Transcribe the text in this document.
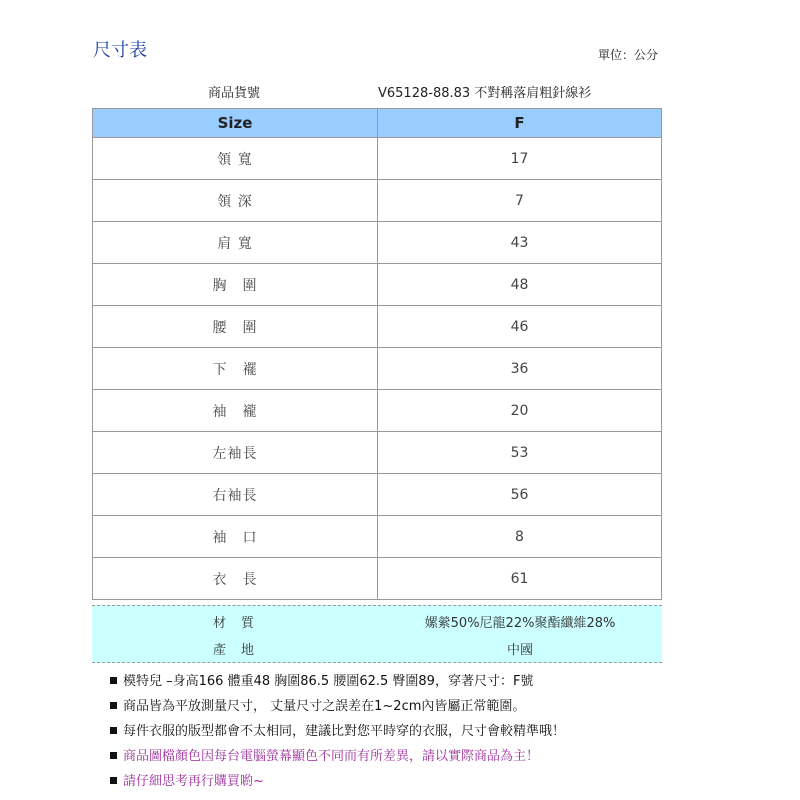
尺寸表	單位：公分
商品貨號	V65128-88.83 不對稱落肩粗針線衫
Size	F
領 寬	17
領 深	7
肩 寬	43
胸　圍	48
腰　圍	46
下　襬	36
袖　襱	20
左袖長	53
右袖長	56
袖　口	8
衣　長	61
材　質	嫘縈50%尼龍22%聚酯纖維28%
產　地	中國
模特兒 –身高166 體重48 胸圍86.5 腰圍62.5 臀圍89，穿著尺寸：F號
商品皆為平放測量尺寸， 丈量尺寸之誤差在1~2cm內皆屬正常範圍。
每件衣服的版型都會不太相同，建議比對您平時穿的衣服，尺寸會較精準哦！
商品圖檔顏色因每台電腦螢幕顯色不同而有所差異，請以實際商品為主！
請仔細思考再行購買喲~
